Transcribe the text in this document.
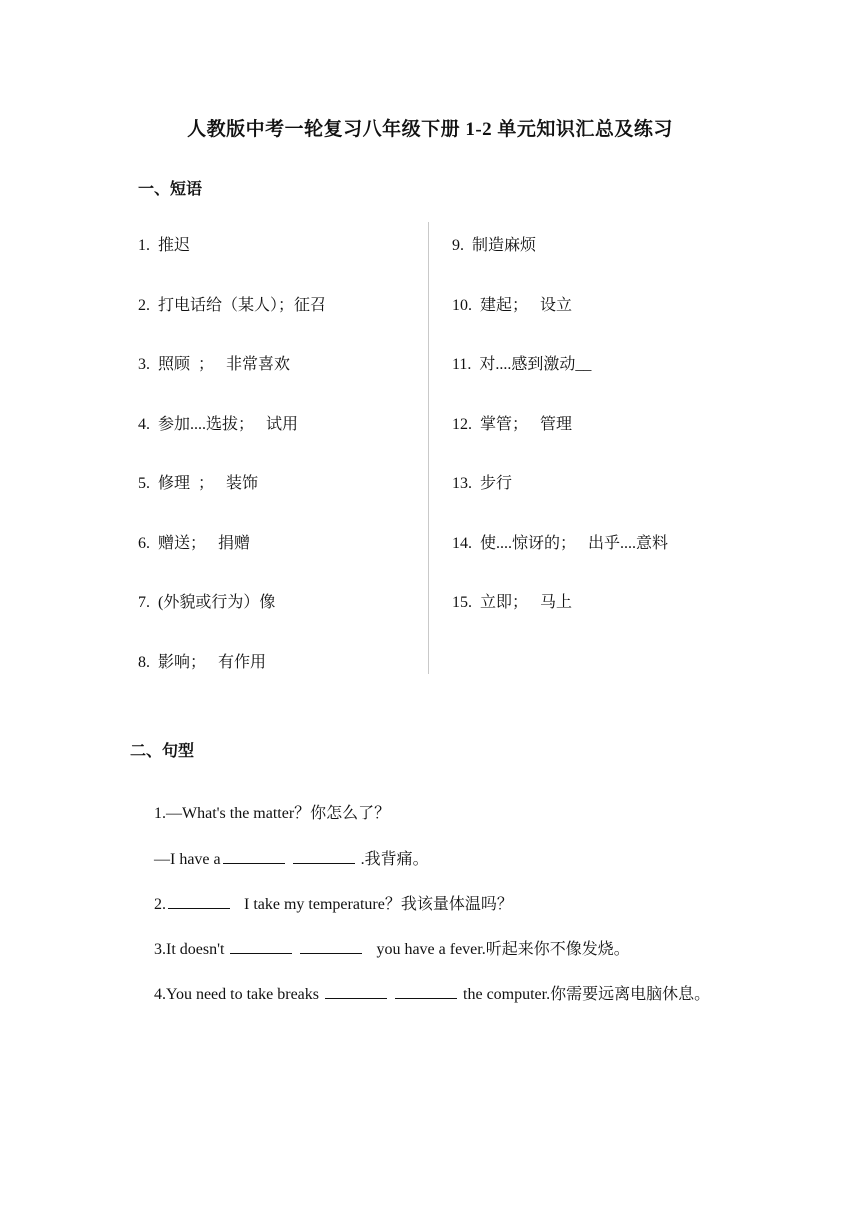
人教版中考一轮复习八年级下册 1-2 单元知识汇总及练习
一、短语
1.  推迟
2.  打电话给（某人）；征召
3.  照顾  ；   非常喜欢
4.  参加....选拔；   试用
5.  修理  ；   装饰
6.  赠送；   捐赠
7.  (外貌或行为）像
8.  影响；   有作用
9.  制造麻烦
10.  建起；   设立
11.  对....感到激动__
12.  掌管；   管理
13.  步行
14.  使....惊讶的；   出乎....意料
15.  立即；   马上
二、句型

1.—What's the matter？你怎么了？

—I have a	.我背痛。

2.	I take my temperature？我该量体温吗？

3.It doesn't	you have a fever.听起来你不像发烧。

4.You need to take breaks	the computer.你需要远离电脑休息。
